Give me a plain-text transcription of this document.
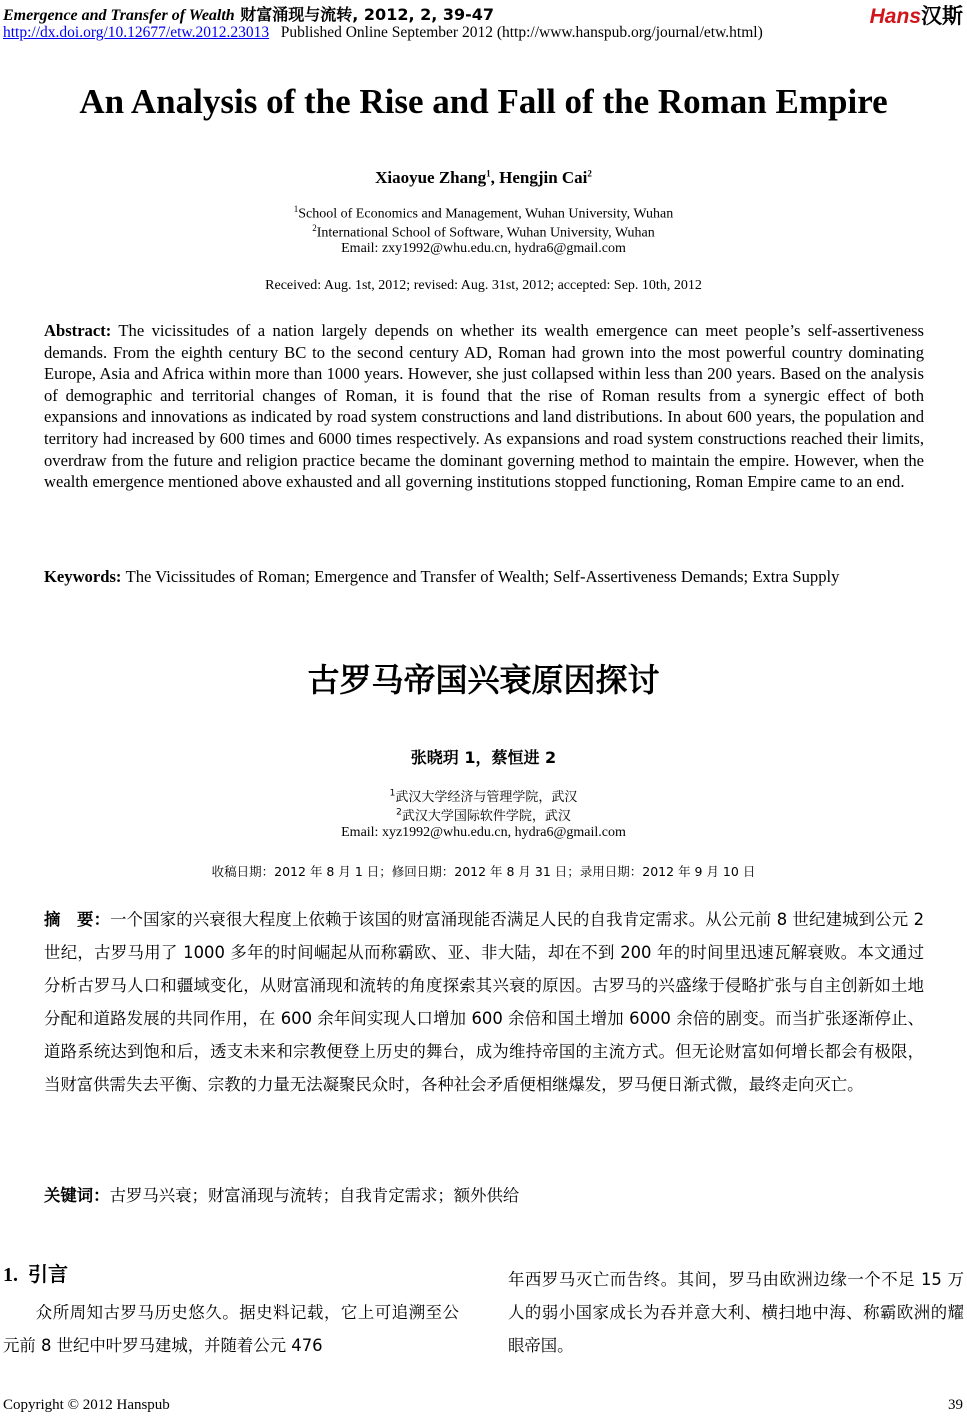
Emergence and Transfer of Wealth 财富涌现与流转, 2012, 2, 39-47
http://dx.doi.org/10.12677/etw.2012.23013 Published Online September 2012 (http://www.hanspub.org/journal/etw.html)
Hans汉斯
An Analysis of the Rise and Fall of the Roman Empire
Xiaoyue Zhang$^1$, Hengjin Cai$^2$
$^1$School of Economics and Management, Wuhan University, Wuhan
$^2$International School of Software, Wuhan University, Wuhan
Email: zxy1992@whu.edu.cn, hydra6@gmail.com
Received: Aug. 1st, 2012; revised: Aug. 31st, 2012; accepted: Sep. 10th, 2012
Abstract: The vicissitudes of a nation largely depends on whether its wealth emergence can meet people’s self-assertiveness demands. From the eighth century BC to the second century AD, Roman had grown into the most powerful country dominating Europe, Asia and Africa within more than 1000 years. However, she just collapsed within less than 200 years. Based on the analysis of demographic and territorial changes of Roman, it is found that the rise of Roman results from a synergic effect of both expansions and innovations as indicated by road system constructions and land distributions. In about 600 years, the population and territory had increased by 600 times and 6000 times respectively. As expansions and road system constructions reached their limits, overdraw from the future and religion practice became the dominant governing method to maintain the empire. However, when the wealth emergence mentioned above exhausted and all governing institutions stopped functioning, Roman Empire came to an end.
Keywords: The Vicissitudes of Roman; Emergence and Transfer of Wealth; Self-Assertiveness Demands; Extra Supply
古罗马帝国兴衰原因探讨
张晓玥 1，蔡恒进 2
$^1$武汉大学经济与管理学院，武汉
$^2$武汉大学国际软件学院，武汉
Email: xyz1992@whu.edu.cn, hydra6@gmail.com
收稿日期：2012 年 8 月 1 日；修回日期：2012 年 8 月 31 日；录用日期：2012 年 9 月 10 日
摘　要：一个国家的兴衰很大程度上依赖于该国的财富涌现能否满足人民的自我肯定需求。从公元前 8 世纪建城到公元 2 世纪，古罗马用了 1000 多年的时间崛起从而称霸欧、亚、非大陆，却在不到 200 年的时间里迅速瓦解衰败。本文通过分析古罗马人口和疆域变化，从财富涌现和流转的角度探索其兴衰的原因。古罗马的兴盛缘于侵略扩张与自主创新如土地分配和道路发展的共同作用，在 600 余年间实现人口增加 600 余倍和国土增加 6000 余倍的剧变。而当扩张逐渐停止、道路系统达到饱和后，透支未来和宗教便登上历史的舞台，成为维持帝国的主流方式。但无论财富如何增长都会有极限，当财富供需失去平衡、宗教的力量无法凝聚民众时，各种社会矛盾便相继爆发，罗马便日渐式微，最终走向灭亡。
关键词：古罗马兴衰；财富涌现与流转；自我肯定需求；额外供给
1. 引言
众所周知古罗马历史悠久。据史料记载，它上可追溯至公元前 8 世纪中叶罗马建城，并随着公元 476
年西罗马灭亡而告终。其间，罗马由欧洲边缘一个不足 15 万人的弱小国家成长为吞并意大利、横扫地中海、称霸欧洲的耀眼帝国。
Copyright © 2012 Hanspub	39
